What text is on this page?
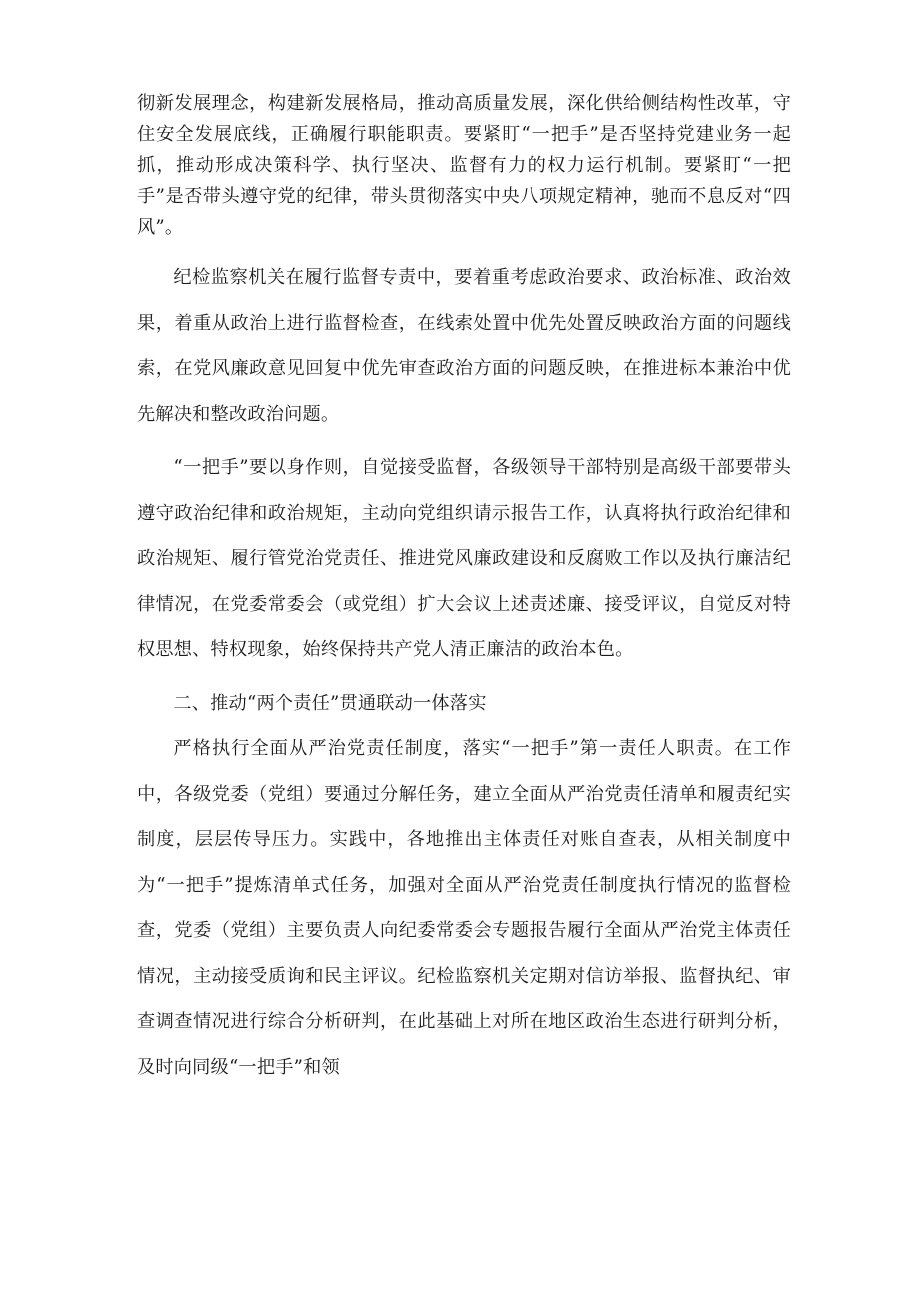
彻新发展理念，构建新发展格局，推动高质量发展，深化供给侧结构性改革，守住安全发展底线，正确履行职能职责。要紧盯“一把手”是否坚持党建业务一起抓，推动形成决策科学、执行坚决、监督有力的权力运行机制。要紧盯“一把手”是否带头遵守党的纪律，带头贯彻落实中央八项规定精神，驰而不息反对“四风”。

纪检监察机关在履行监督专责中，要着重考虑政治要求、政治标准、政治效果，着重从政治上进行监督检查，在线索处置中优先处置反映政治方面的问题线索，在党风廉政意见回复中优先审查政治方面的问题反映，在推进标本兼治中优先解决和整改政治问题。

“一把手”要以身作则，自觉接受监督，各级领导干部特别是高级干部要带头遵守政治纪律和政治规矩，主动向党组织请示报告工作，认真将执行政治纪律和政治规矩、履行管党治党责任、推进党风廉政建设和反腐败工作以及执行廉洁纪律情况，在党委常委会（或党组）扩大会议上述责述廉、接受评议，自觉反对特权思想、特权现象，始终保持共产党人清正廉洁的政治本色。

二、推动“两个责任”贯通联动一体落实

严格执行全面从严治党责任制度，落实“一把手”第一责任人职责。在工作中，各级党委（党组）要通过分解任务，建立全面从严治党责任清单和履责纪实制度，层层传导压力。实践中，各地推出主体责任对账自查表，从相关制度中为“一把手”提炼清单式任务，加强对全面从严治党责任制度执行情况的监督检查，党委（党组）主要负责人向纪委常委会专题报告履行全面从严治党主体责任情况，主动接受质询和民主评议。纪检监察机关定期对信访举报、监督执纪、审查调查情况进行综合分析研判，在此基础上对所在地区政治生态进行研判分析，及时向同级“一把手”和领
